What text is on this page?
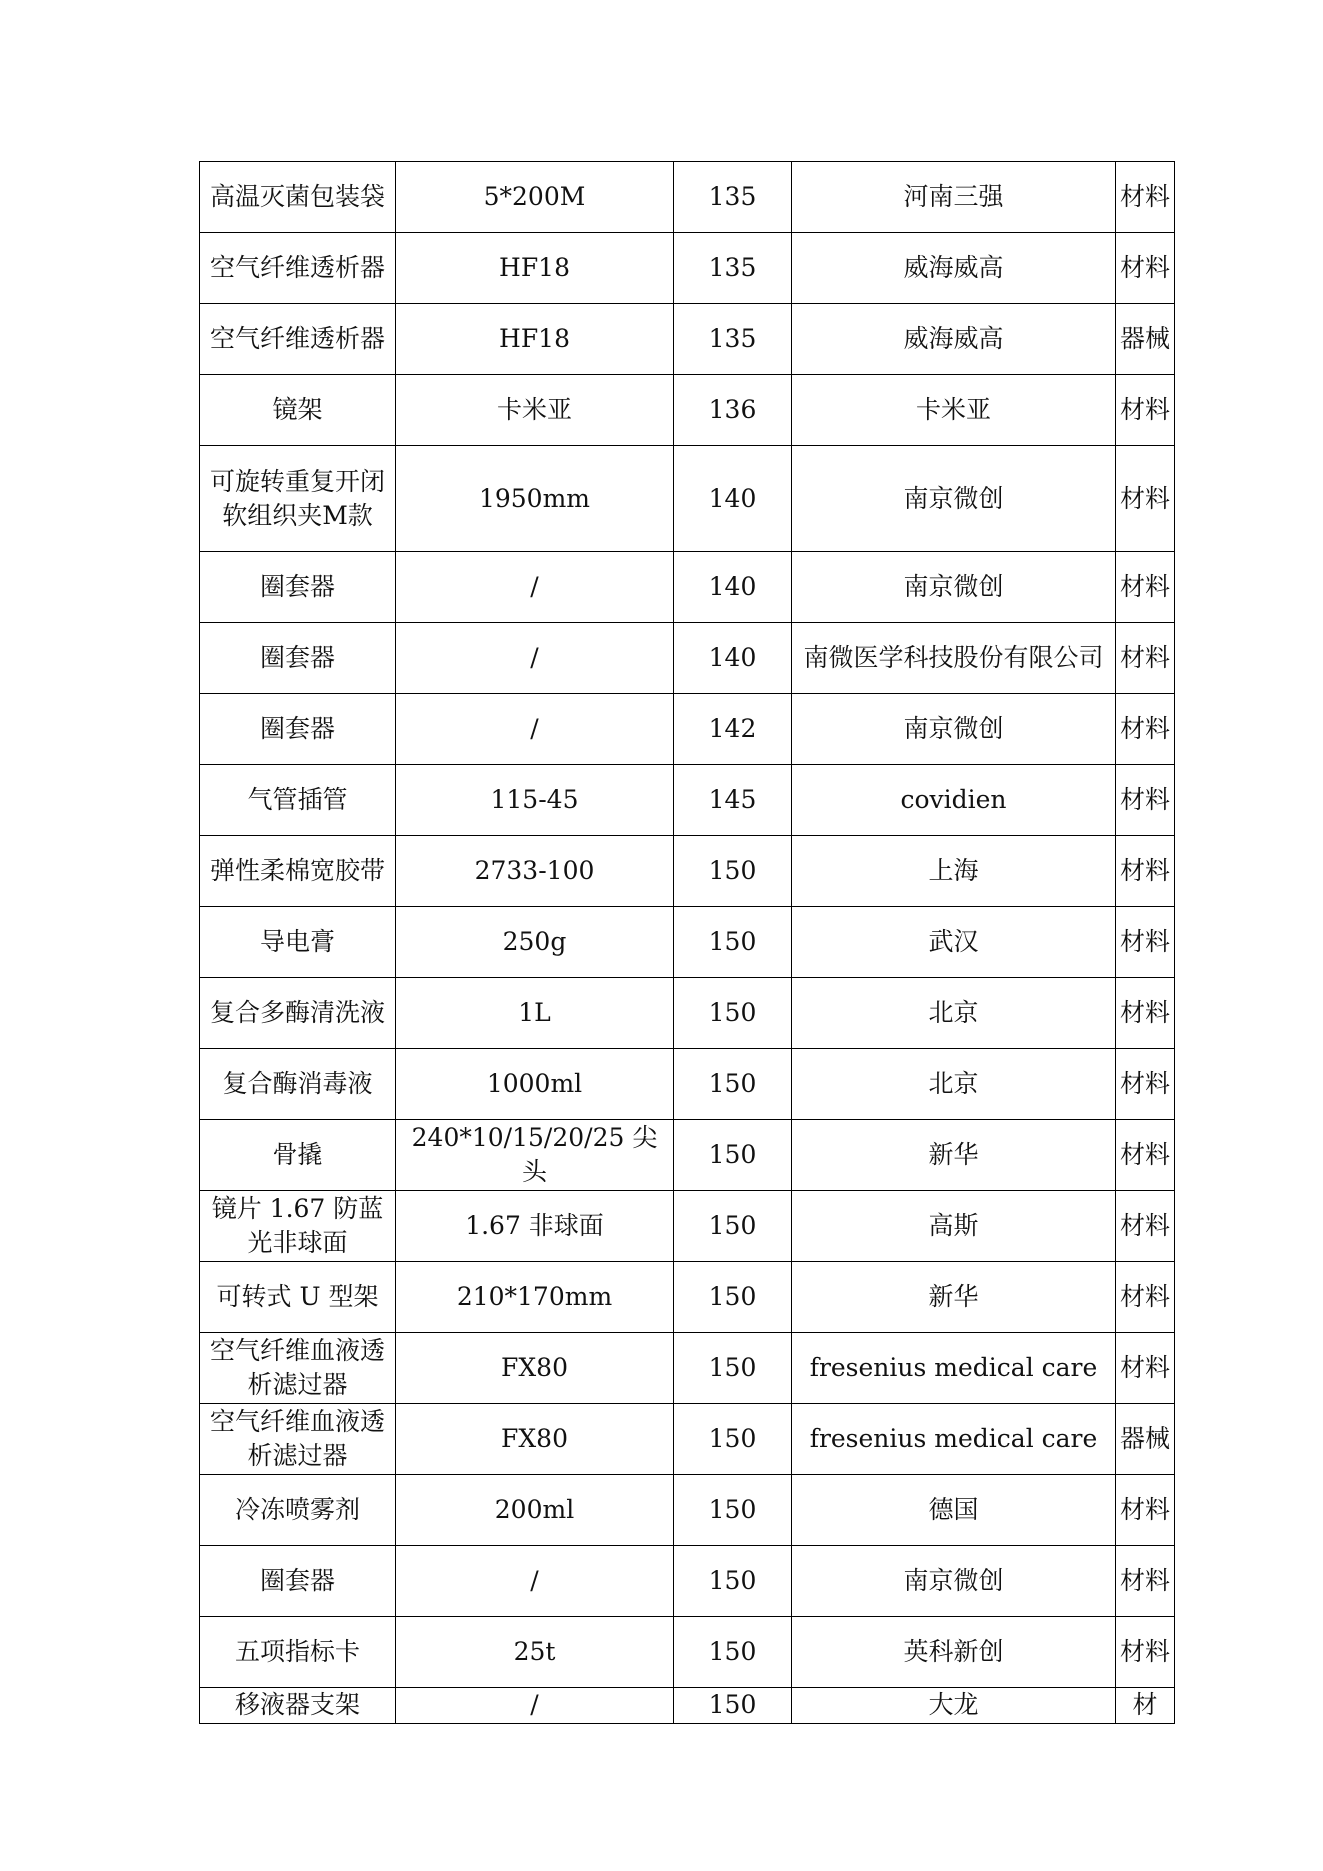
高温灭菌包装袋	5*200M	135	河南三强	材料
空气纤维透析器	HF18	135	威海威高	材料
空气纤维透析器	HF18	135	威海威高	器械
镜架	卡米亚	136	卡米亚	材料
可旋转重复开闭软组织夹M款	1950mm	140	南京微创	材料
圈套器	/	140	南京微创	材料
圈套器	/	140	南微医学科技股份有限公司	材料
圈套器	/	142	南京微创	材料
气管插管	115-45	145	covidien	材料
弹性柔棉宽胶带	2733-100	150	上海	材料
导电膏	250g	150	武汉	材料
复合多酶清洗液	1L	150	北京	材料
复合酶消毒液	1000ml	150	北京	材料
骨撬	240*10/15/20/25 尖头	150	新华	材料
镜片 1.67 防蓝光非球面	1.67 非球面	150	高斯	材料
可转式 U 型架	210*170mm	150	新华	材料
空气纤维血液透析滤过器	FX80	150	fresenius medical care	材料
空气纤维血液透析滤过器	FX80	150	fresenius medical care	器械
冷冻喷雾剂	200ml	150	德国	材料
圈套器	/	150	南京微创	材料
五项指标卡	25t	150	英科新创	材料
移液器支架	/	150	大龙	材
